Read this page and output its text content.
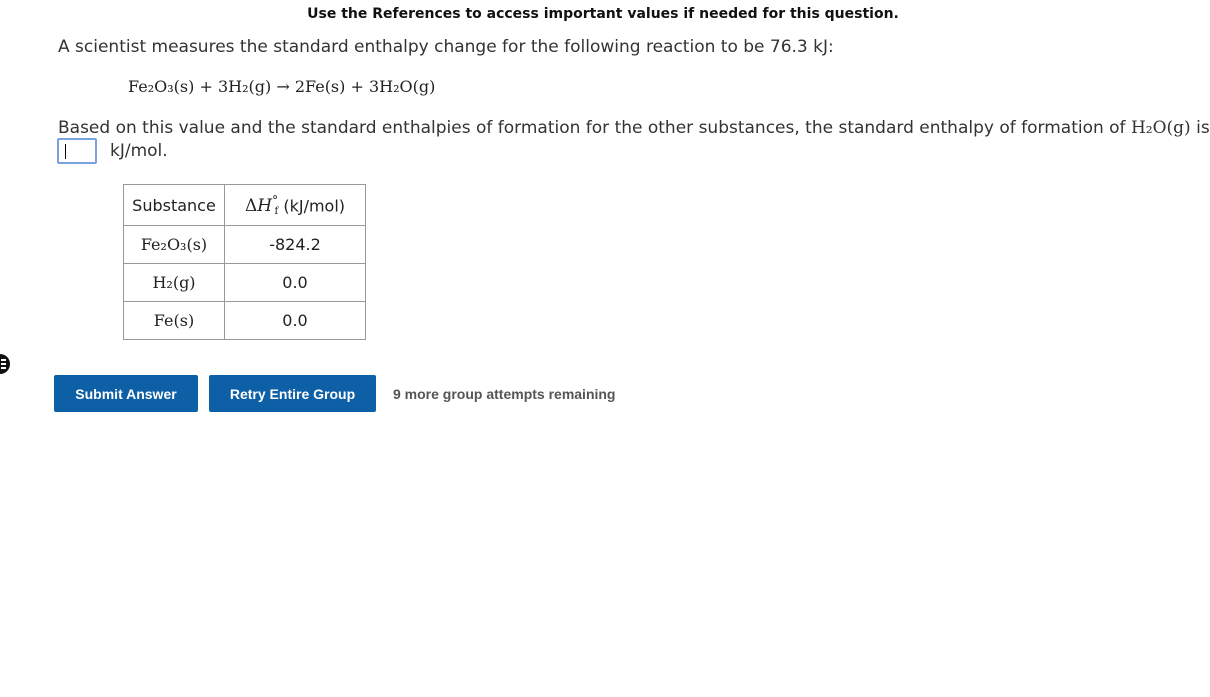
Use the References to access important values if needed for this question.
A scientist measures the standard enthalpy change for the following reaction to be 76.3 kJ:
Fe₂O₃(s) + 3H₂(g) → 2Fe(s) + 3H₂O(g)
Based on this value and the standard enthalpies of formation for the other substances, the standard enthalpy of formation of H₂O(g) is
kJ/mol.
Substance	$\Delta H^\circ_f$ (kJ/mol)
Fe₂O₃(s)	-824.2
H₂(g)	0.0
Fe(s)	0.0
Submit Answer	Retry Entire Group	9 more group attempts remaining
